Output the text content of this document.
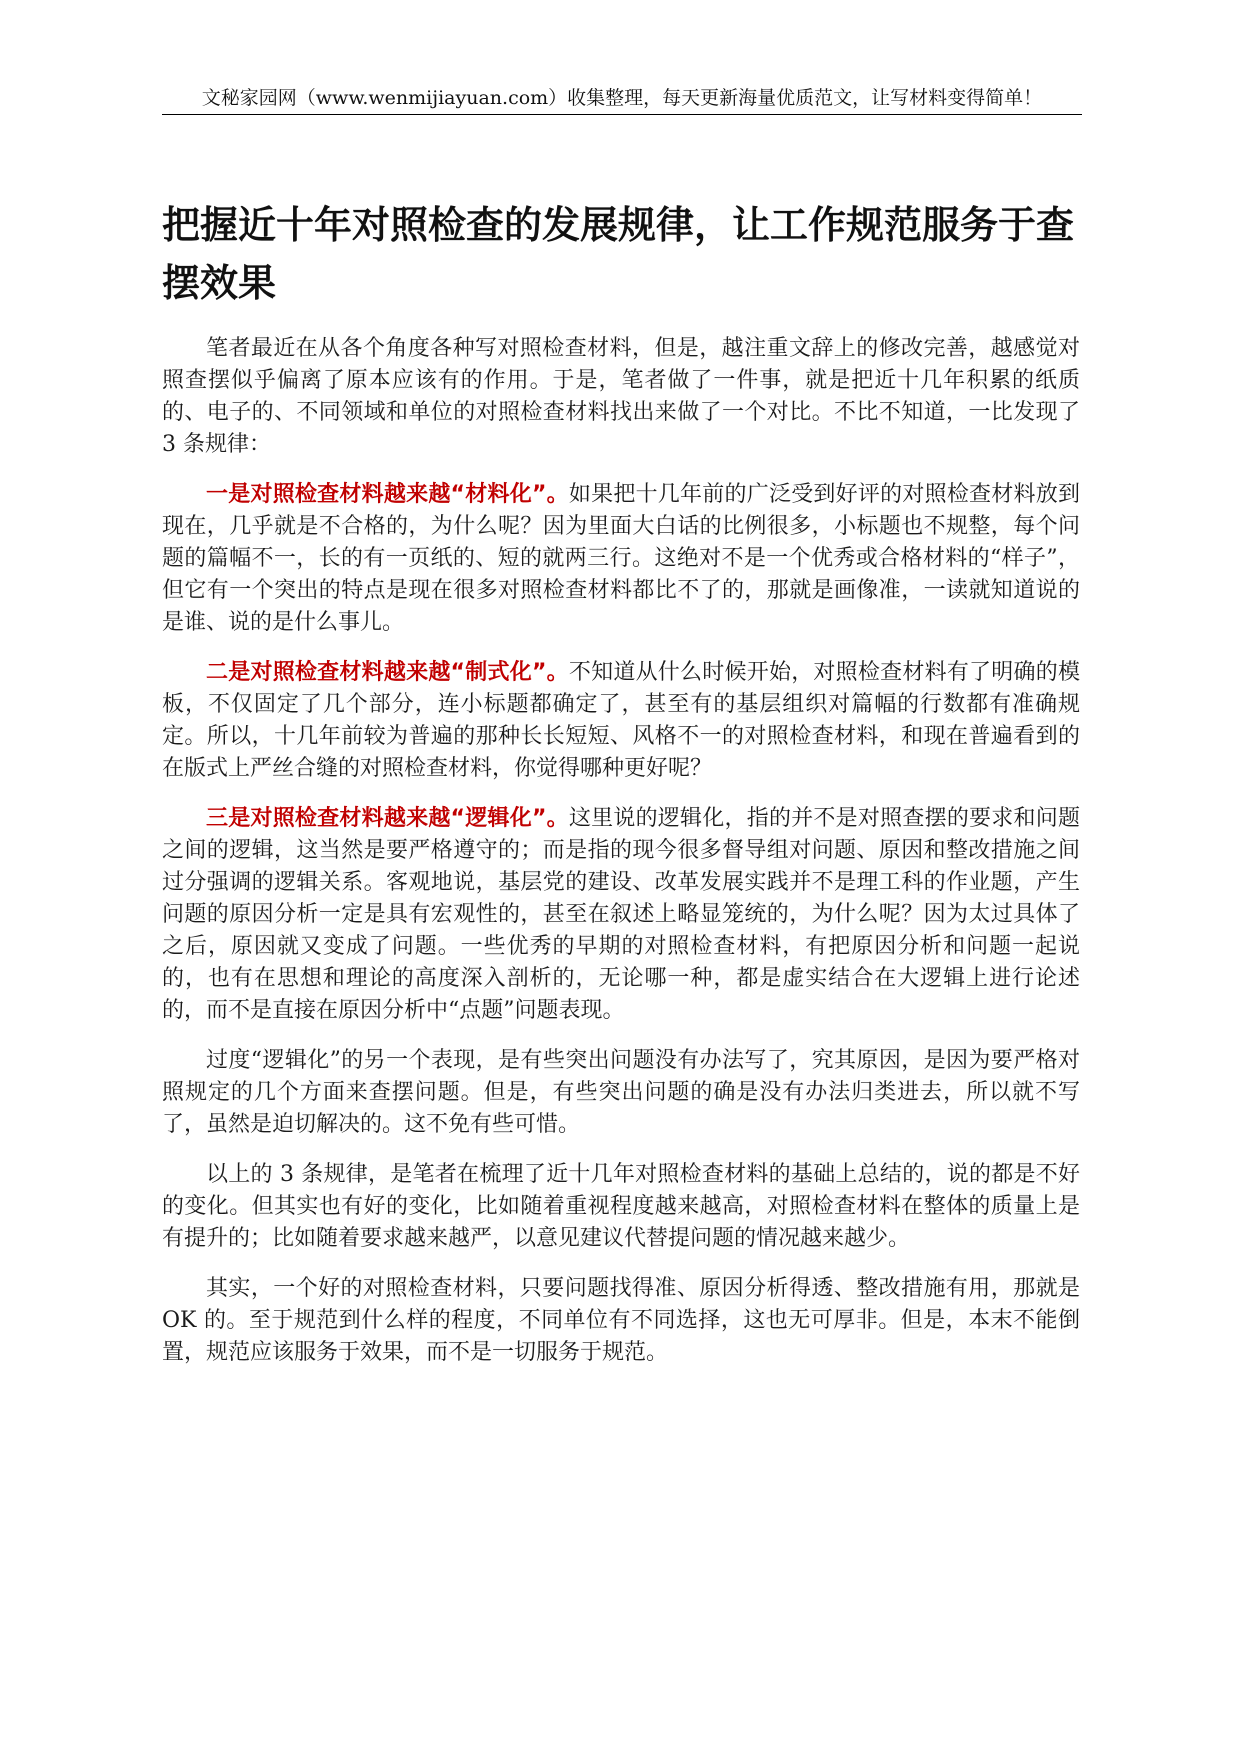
文秘家园网（www.wenmijiayuan.com）收集整理，每天更新海量优质范文，让写材料变得简单！
把握近十年对照检查的发展规律，让工作规范服务于查摆效果

笔者最近在从各个角度各种写对照检查材料，但是，越注重文辞上的修改完善，越感觉对照查摆似乎偏离了原本应该有的作用。于是，笔者做了一件事，就是把近十几年积累的纸质的、电子的、不同领域和单位的对照检查材料找出来做了一个对比。不比不知道，一比发现了 3 条规律：

一是对照检查材料越来越“材料化”。如果把十几年前的广泛受到好评的对照检查材料放到现在，几乎就是不合格的，为什么呢？因为里面大白话的比例很多，小标题也不规整，每个问题的篇幅不一，长的有一页纸的、短的就两三行。这绝对不是一个优秀或合格材料的“样子”，但它有一个突出的特点是现在很多对照检查材料都比不了的，那就是画像准，一读就知道说的是谁、说的是什么事儿。

二是对照检查材料越来越“制式化”。不知道从什么时候开始，对照检查材料有了明确的模板，不仅固定了几个部分，连小标题都确定了，甚至有的基层组织对篇幅的行数都有准确规定。所以，十几年前较为普遍的那种长长短短、风格不一的对照检查材料，和现在普遍看到的在版式上严丝合缝的对照检查材料，你觉得哪种更好呢？

三是对照检查材料越来越“逻辑化”。这里说的逻辑化，指的并不是对照查摆的要求和问题之间的逻辑，这当然是要严格遵守的；而是指的现今很多督导组对问题、原因和整改措施之间过分强调的逻辑关系。客观地说，基层党的建设、改革发展实践并不是理工科的作业题，产生问题的原因分析一定是具有宏观性的，甚至在叙述上略显笼统的，为什么呢？因为太过具体了之后，原因就又变成了问题。一些优秀的早期的对照检查材料，有把原因分析和问题一起说的，也有在思想和理论的高度深入剖析的，无论哪一种，都是虚实结合在大逻辑上进行论述的，而不是直接在原因分析中“点题”问题表现。

过度“逻辑化”的另一个表现，是有些突出问题没有办法写了，究其原因，是因为要严格对照规定的几个方面来查摆问题。但是，有些突出问题的确是没有办法归类进去，所以就不写了，虽然是迫切解决的。这不免有些可惜。

以上的 3 条规律，是笔者在梳理了近十几年对照检查材料的基础上总结的，说的都是不好的变化。但其实也有好的变化，比如随着重视程度越来越高，对照检查材料在整体的质量上是有提升的；比如随着要求越来越严，以意见建议代替提问题的情况越来越少。

其实，一个好的对照检查材料，只要问题找得准、原因分析得透、整改措施有用，那就是 OK 的。至于规范到什么样的程度，不同单位有不同选择，这也无可厚非。但是，本末不能倒置，规范应该服务于效果，而不是一切服务于规范。
